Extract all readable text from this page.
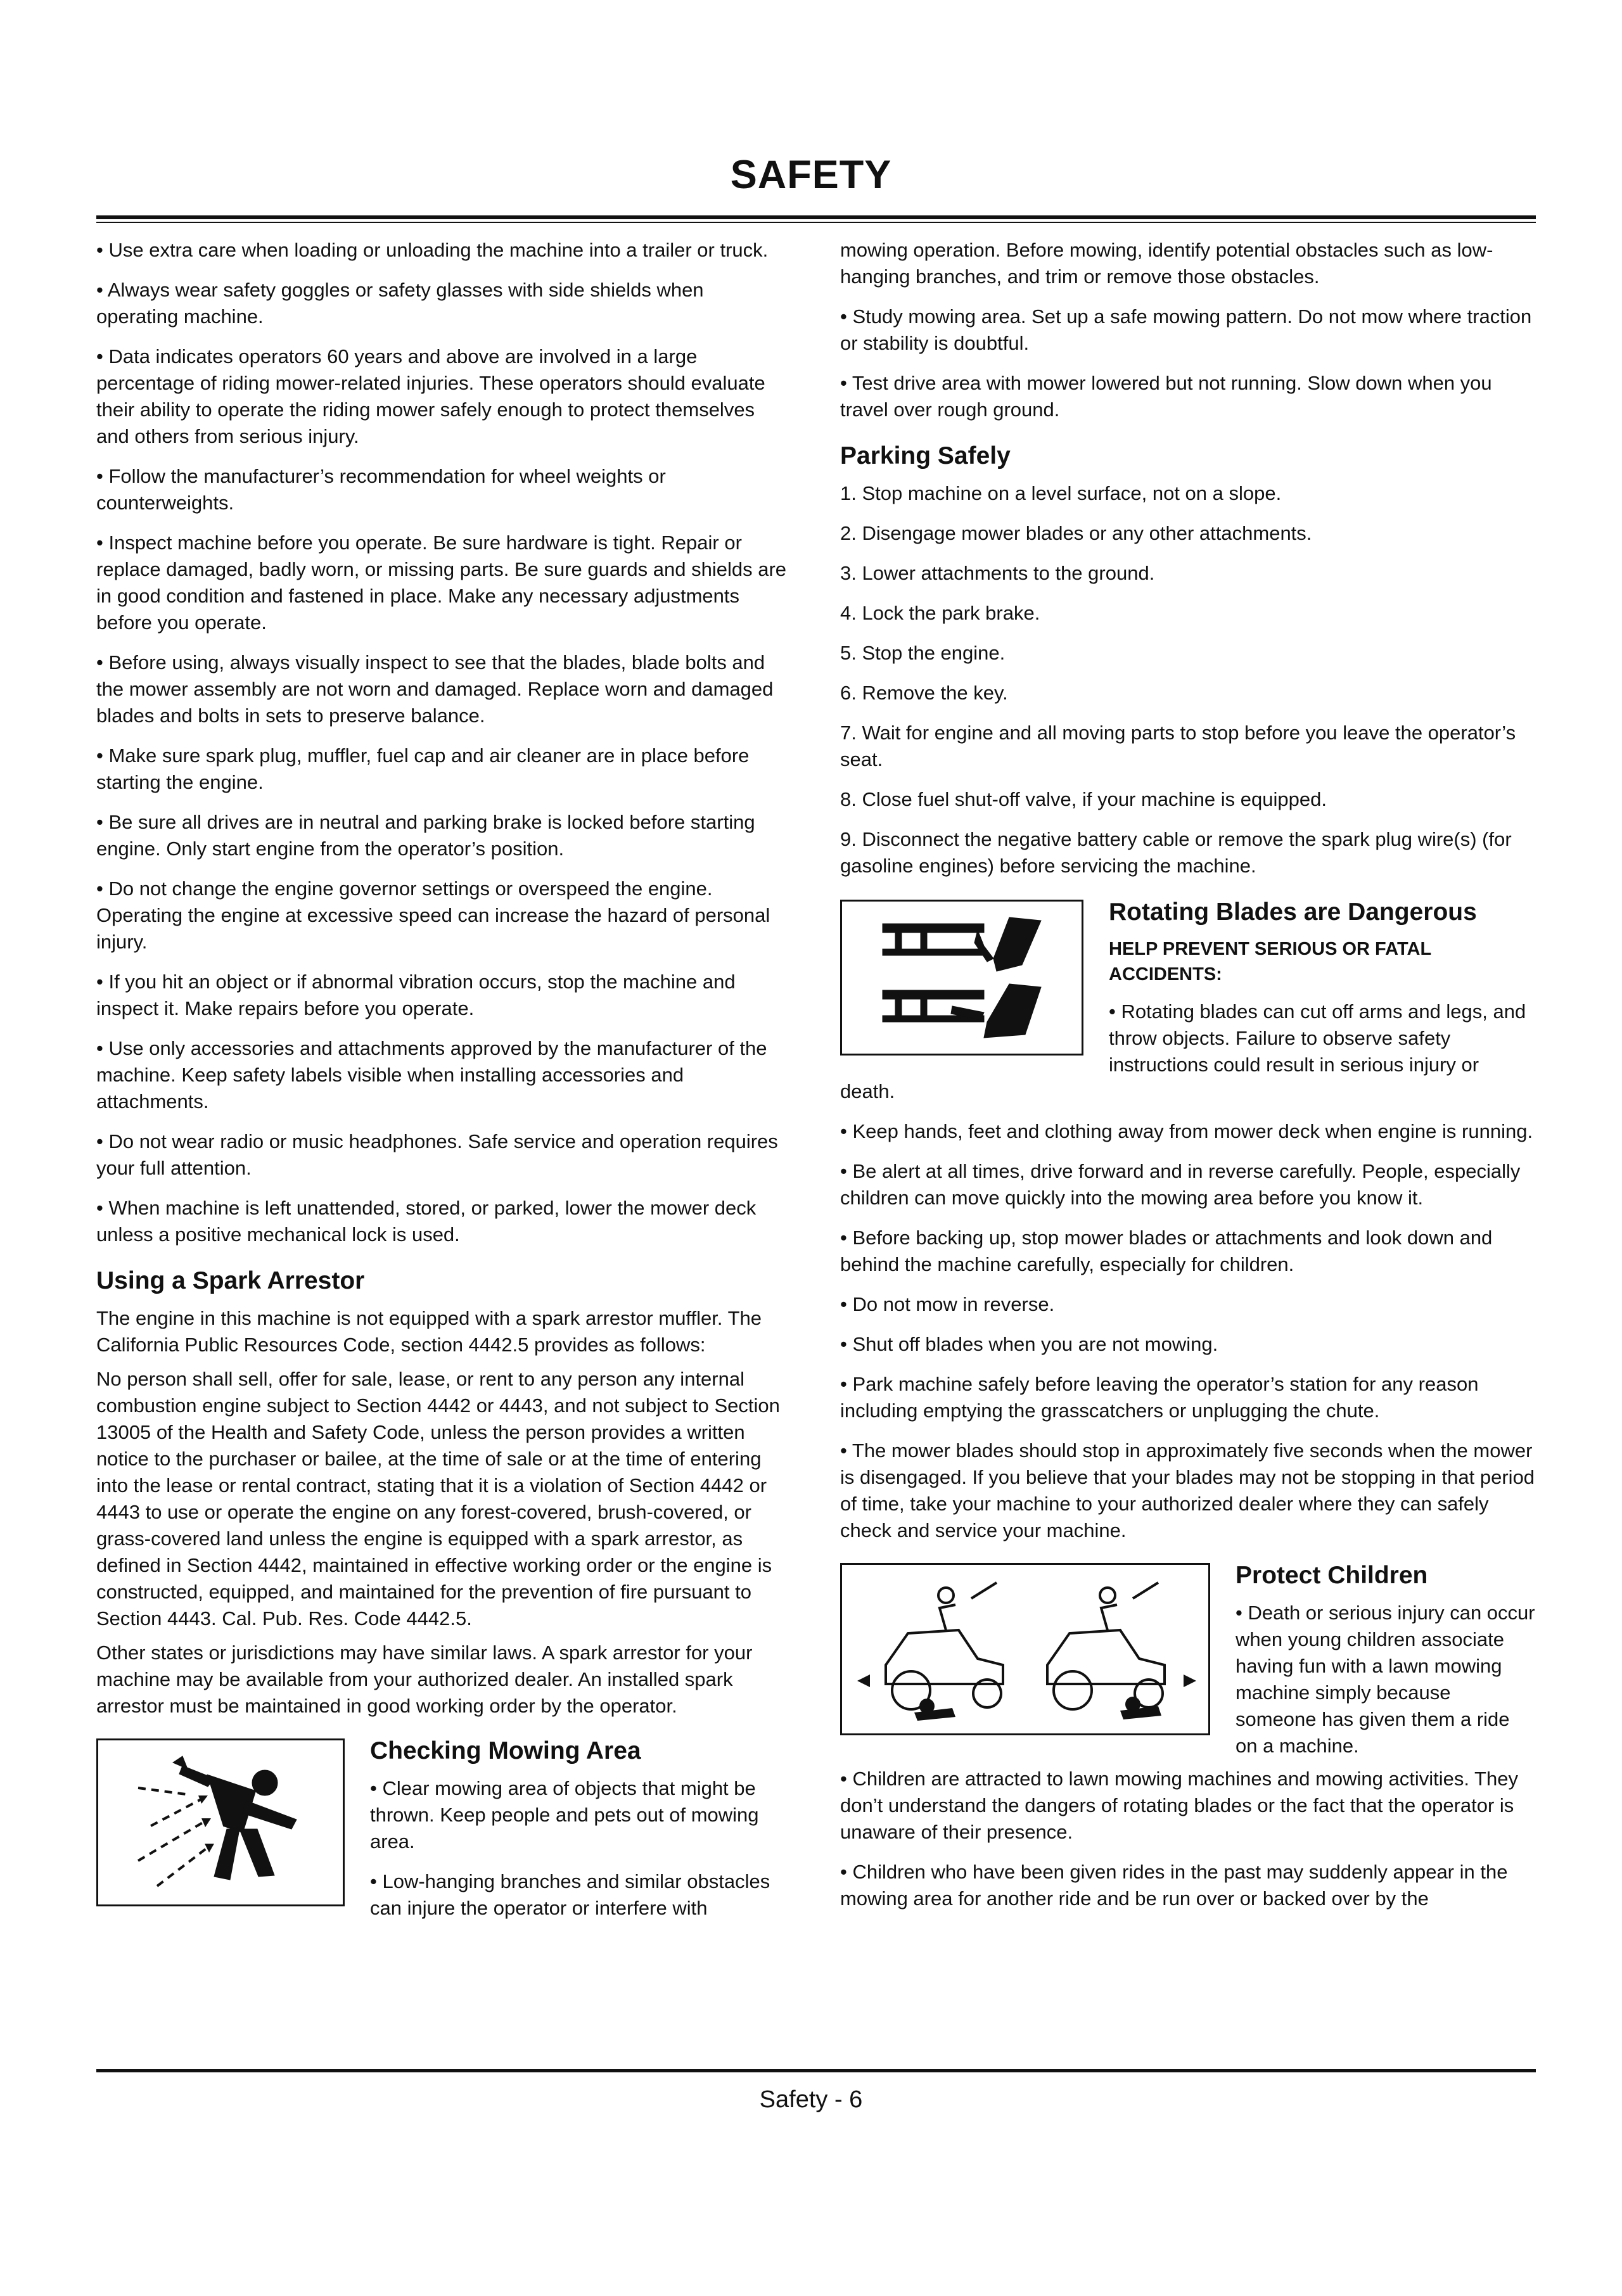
SAFETY

• Use extra care when loading or unloading the machine into a trailer or truck.

• Always wear safety goggles or safety glasses with side shields when operating machine.

• Data indicates operators 60 years and above are involved in a large percentage of riding mower-related injuries. These operators should evaluate their ability to operate the riding mower safely enough to protect themselves and others from serious injury.

• Follow the manufacturer’s recommendation for wheel weights or counterweights.

• Inspect machine before you operate. Be sure hardware is tight. Repair or replace damaged, badly worn, or missing parts. Be sure guards and shields are in good condition and fastened in place. Make any necessary adjustments before you operate.

• Before using, always visually inspect to see that the blades, blade bolts and the mower assembly are not worn and damaged. Replace worn and damaged blades and bolts in sets to preserve balance.

• Make sure spark plug, muffler, fuel cap and air cleaner are in place before starting the engine.

• Be sure all drives are in neutral and parking brake is locked before starting engine. Only start engine from the operator’s position.

• Do not change the engine governor settings or overspeed the engine. Operating the engine at excessive speed can increase the hazard of personal injury.

• If you hit an object or if abnormal vibration occurs, stop the machine and inspect it. Make repairs before you operate.

• Use only accessories and attachments approved by the manufacturer of the machine. Keep safety labels visible when installing accessories and attachments.

• Do not wear radio or music headphones. Safe service and operation requires your full attention.

• When machine is left unattended, stored, or parked, lower the mower deck unless a positive mechanical lock is used.

Using a Spark Arrestor

The engine in this machine is not equipped with a spark arrestor muffler. The California Public Resources Code, section 4442.5 provides as follows:

No person shall sell, offer for sale, lease, or rent to any person any internal combustion engine subject to Section 4442 or 4443, and not subject to Section 13005 of the Health and Safety Code, unless the person provides a written notice to the purchaser or bailee, at the time of sale or at the time of entering into the lease or rental contract, stating that it is a violation of Section 4442 or 4443 to use or operate the engine on any forest-covered, brush-covered, or grass-covered land unless the engine is equipped with a spark arrestor, as defined in Section 4442, maintained in effective working order or the engine is constructed, equipped, and maintained for the prevention of fire pursuant to Section 4443. Cal. Pub. Res. Code 4442.5.

Other states or jurisdictions may have similar laws. A spark arrestor for your machine may be available from your authorized dealer. An installed spark arrestor must be maintained in good working order by the operator.

Checking Mowing Area

• Clear mowing area of objects that might be thrown. Keep people and pets out of mowing area.

• Low-hanging branches and similar obstacles can injure the operator or interfere with

mowing operation. Before mowing, identify potential obstacles such as low-hanging branches, and trim or remove those obstacles.

• Study mowing area. Set up a safe mowing pattern. Do not mow where traction or stability is doubtful.

• Test drive area with mower lowered but not running. Slow down when you travel over rough ground.

Parking Safely

1. Stop machine on a level surface, not on a slope.

2. Disengage mower blades or any other attachments.

3. Lower attachments to the ground.

4. Lock the park brake.

5. Stop the engine.

6. Remove the key.

7. Wait for engine and all moving parts to stop before you leave the operator’s seat.

8. Close fuel shut-off valve, if your machine is equipped.

9. Disconnect the negative battery cable or remove the spark plug wire(s) (for gasoline engines) before servicing the machine.

Rotating Blades are Dangerous
HELP PREVENT SERIOUS OR FATAL ACCIDENTS:

• Rotating blades can cut off arms and legs, and throw objects. Failure to observe safety instructions could result in serious injury or

death.

• Keep hands, feet and clothing away from mower deck when engine is running.

• Be alert at all times, drive forward and in reverse carefully. People, especially children can move quickly into the mowing area before you know it.

• Before backing up, stop mower blades or attachments and look down and behind the machine carefully, especially for children.

• Do not mow in reverse.

• Shut off blades when you are not mowing.

• Park machine safely before leaving the operator’s station for any reason including emptying the grasscatchers or unplugging the chute.

• The mower blades should stop in approximately five seconds when the mower is disengaged. If you believe that your blades may not be stopping in that period of time, take your machine to your authorized dealer where they can safely check and service your machine.

Protect Children

• Death or serious injury can occur when young children associate having fun with a lawn mowing machine simply because someone has given them a ride on a machine.

• Children are attracted to lawn mowing machines and mowing activities. They don’t understand the dangers of rotating blades or the fact that the operator is unaware of their presence.

• Children who have been given rides in the past may suddenly appear in the mowing area for another ride and be run over or backed over by the

Safety - 6
